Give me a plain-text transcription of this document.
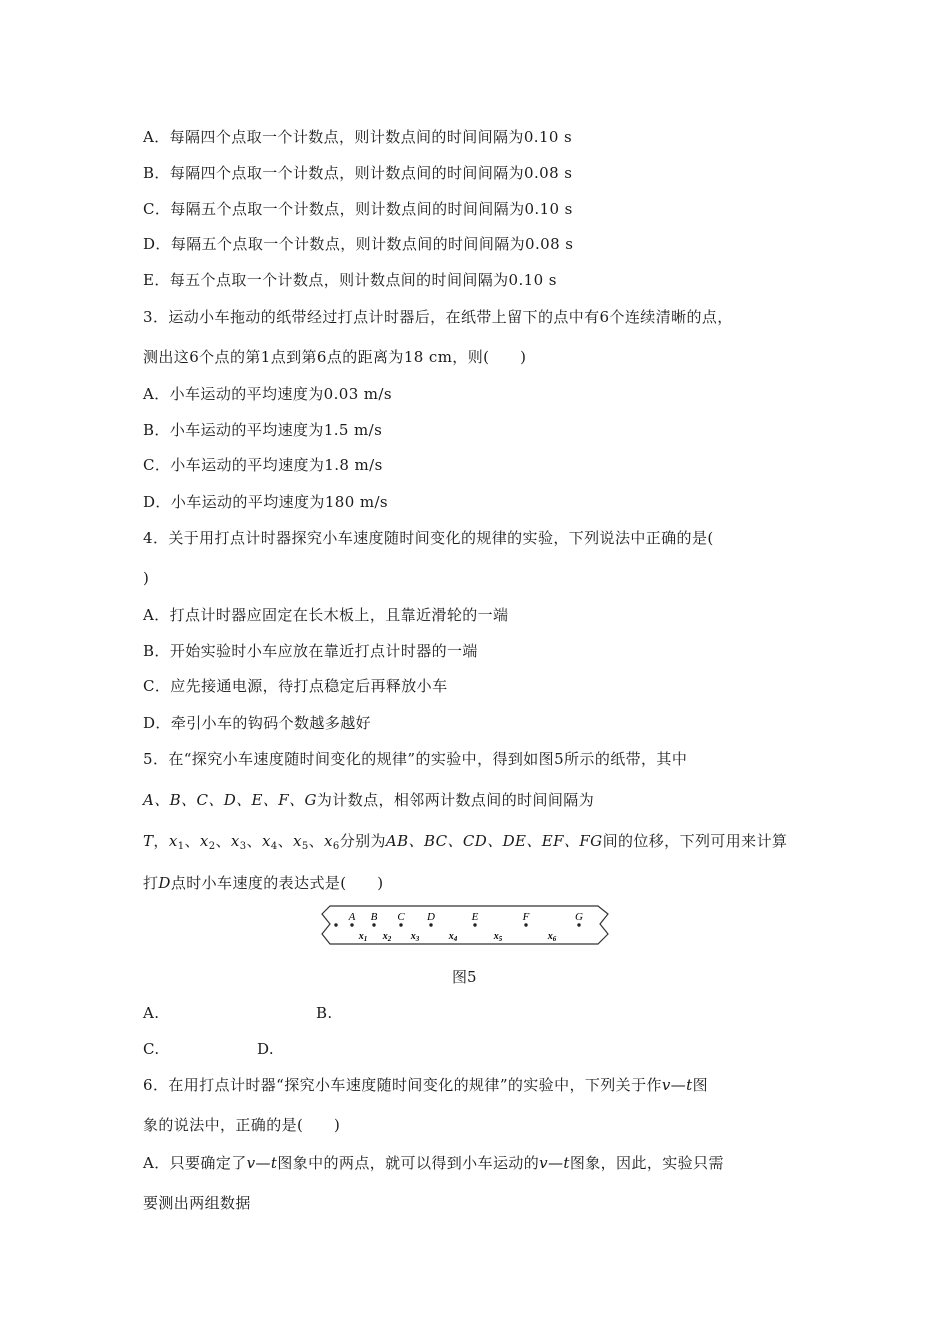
A．每隔四个点取一个计数点，则计数点间的时间间隔为0.10 s
B．每隔四个点取一个计数点，则计数点间的时间间隔为0.08 s
C．每隔五个点取一个计数点，则计数点间的时间间隔为0.10 s
D．每隔五个点取一个计数点，则计数点间的时间间隔为0.08 s
E．每五个点取一个计数点，则计数点间的时间间隔为0.10 s
3．运动小车拖动的纸带经过打点计时器后，在纸带上留下的点中有6个连续清晰的点，
测出这6个点的第1点到第6点的距离为18 cm，则(　　)
A．小车运动的平均速度为0.03 m/s
B．小车运动的平均速度为1.5 m/s
C．小车运动的平均速度为1.8 m/s
D．小车运动的平均速度为180 m/s
4．关于用打点计时器探究小车速度随时间变化的规律的实验，下列说法中正确的是(
)
A．打点计时器应固定在长木板上，且靠近滑轮的一端
B．开始实验时小车应放在靠近打点计时器的一端
C．应先接通电源，待打点稳定后再释放小车
D．牵引小车的钩码个数越多越好
5．在“探究小车速度随时间变化的规律”的实验中，得到如图5所示的纸带，其中
A、B、C、D、E、F、G为计数点，相邻两计数点间的时间间隔为
T，$x_1$、$x_2$、$x_3$、$x_4$、$x_5$、$x_6$分别为AB、BC、CD、DE、EF、FG间的位移，下列可用来计算
打D点时小车速度的表达式是(　　)
A B C D	E	F	G
$x_1$ $x_2$ $x_3$	$x_4$	$x_5$	$x_6$
图5
A.	B.
C.	D.
6．在用打点计时器“探究小车速度随时间变化的规律”的实验中，下列关于作v—t图
象的说法中，正确的是(　　)
A．只要确定了v—t图象中的两点，就可以得到小车运动的v—t图象，因此，实验只需
要测出两组数据
